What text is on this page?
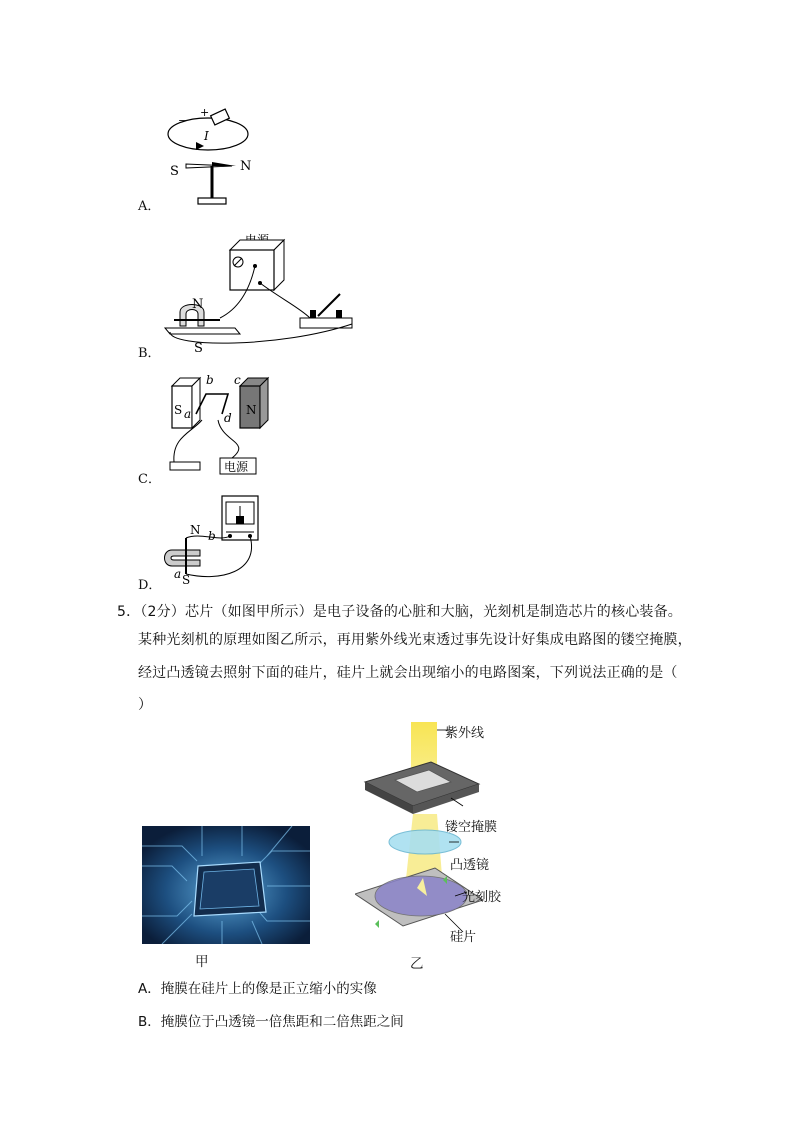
−
+
I
S	N
A．
N
S
B．
S	N
b c
a	d
电源
C．
N b
a S
D．
5．（2分）芯片（如图甲所示）是电子设备的心脏和大脑，光刻机是制造芯片的核心装备。
某种光刻机的原理如图乙所示，再用紫外线光束透过事先设计好集成电路图的镂空掩膜，
经过凸透镜去照射下面的硅片，硅片上就会出现缩小的电路图案，下列说法正确的是（
）
甲
紫外线
镂空掩膜
凸透镜
光刻胶
硅片
乙
A．掩膜在硅片上的像是正立缩小的实像
B．掩膜位于凸透镜一倍焦距和二倍焦距之间
